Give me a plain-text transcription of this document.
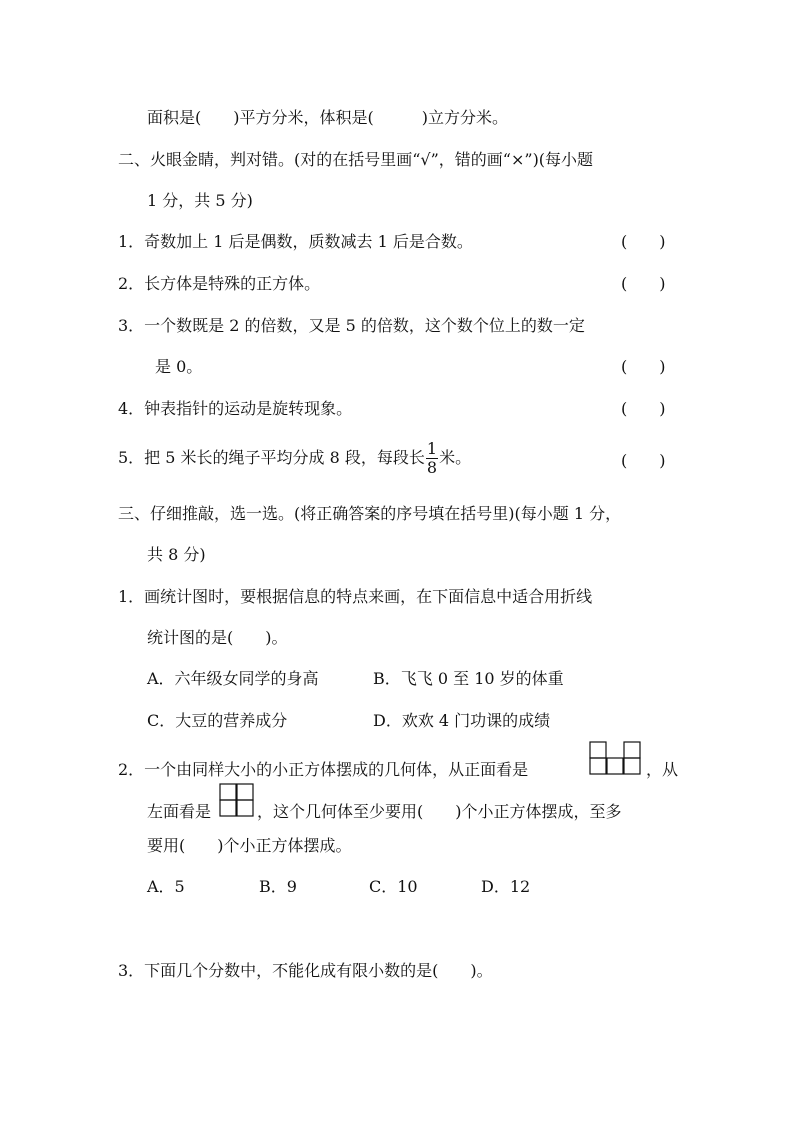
面积是(　　)平方分米，体积是(　　　)立方分米。
二、火眼金睛，判对错。(对的在括号里画“√”，错的画“×”)(每小题
1 分，共 5 分)
1．奇数加上 1 后是偶数，质数减去 1 后是合数。	(　　)
2．长方体是特殊的正方体。	(　　)
3．一个数既是 2 的倍数，又是 5 的倍数，这个数个位上的数一定
是 0。	(　　)
4．钟表指针的运动是旋转现象。	(　　)
5．把 5 米长的绳子平均分成 8 段，每段长 $\frac{1}{8}$ 米。	(　　)
三、仔细推敲，选一选。(将正确答案的序号填在括号里)(每小题 1 分，
共 8 分)
1．画统计图时，要根据信息的特点来画，在下面信息中适合用折线
统计图的是(　　)。
A．六年级女同学的身高	B．飞飞 0 至 10 岁的体重
C．大豆的营养成分	D．欢欢 4 门功课的成绩
2．一个由同样大小的小正方体摆成的几何体，从正面看是	，从
左面看是	，这个几何体至少要用(　　)个小正方体摆成，至多
要用(　　)个小正方体摆成。
A．5	B．9	C．10	D．12
3．下面几个分数中，不能化成有限小数的是(　　)。
